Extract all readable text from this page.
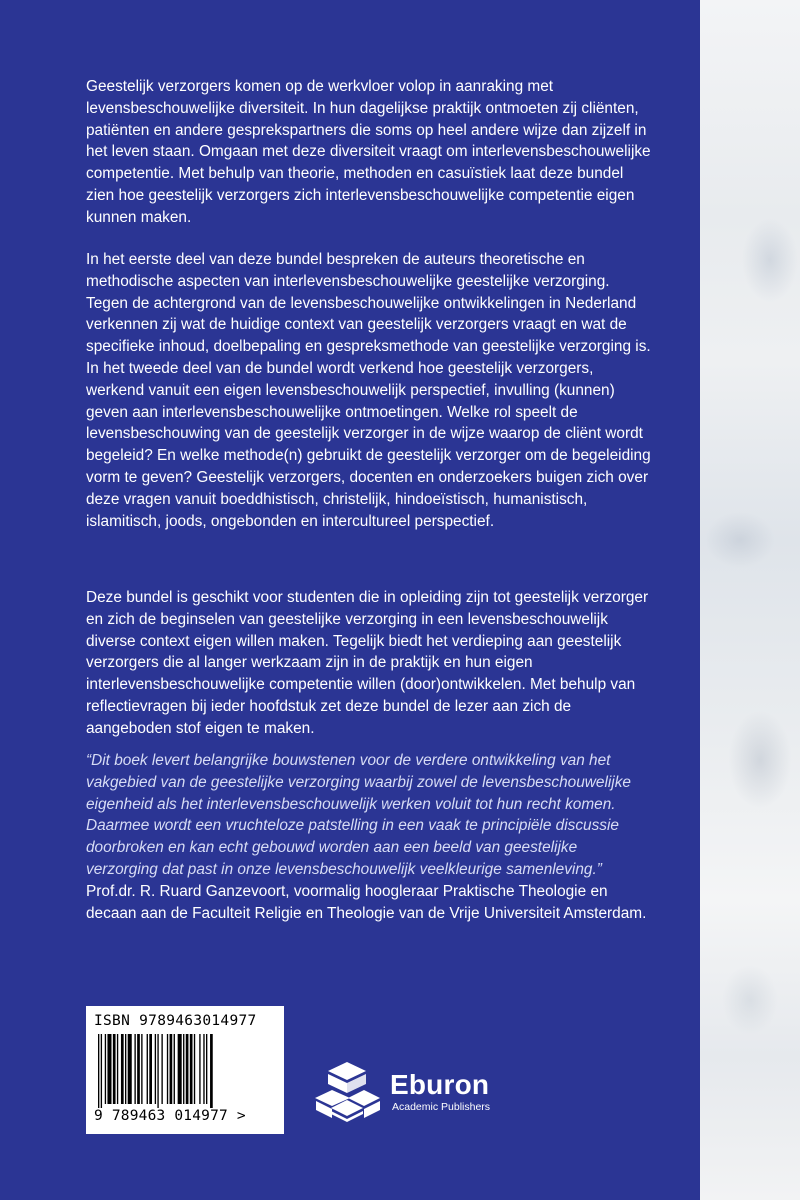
Geestelijk verzorgers komen op de werkvloer volop in aanraking met levensbeschouwelijke diversiteit. In hun dagelijkse praktijk ontmoeten zij cliënten, patiënten en andere gesprekspartners die soms op heel andere wijze dan zijzelf in het leven staan. Omgaan met deze diversiteit vraagt om interlevensbeschouwelijke competentie. Met behulp van theorie, methoden en casuïstiek laat deze bundel zien hoe geestelijk verzorgers zich interlevensbeschouwelijke competentie eigen kunnen maken.

In het eerste deel van deze bundel bespreken de auteurs theoretische en methodische aspecten van interlevensbeschouwelijke geestelijke verzorging. Tegen de achtergrond van de levensbeschouwelijke ontwikkelingen in Nederland verkennen zij wat de huidige context van geestelijk verzorgers vraagt en wat de specifieke inhoud, doelbepaling en gespreksmethode van geestelijke verzorging is. In het tweede deel van de bundel wordt verkend hoe geestelijk verzorgers, werkend vanuit een eigen levensbeschouwelijk perspectief, invulling (kunnen) geven aan interlevensbeschouwelijke ontmoetingen. Welke rol speelt de levensbeschouwing van de geestelijk verzorger in de wijze waarop de cliënt wordt begeleid? En welke methode(n) gebruikt de geestelijk verzorger om de begeleiding vorm te geven? Geestelijk verzorgers, docenten en onderzoekers buigen zich over deze vragen vanuit boeddhistisch, christelijk, hindoeïstisch, humanistisch, islamitisch, joods, ongebonden en intercultureel perspectief.

Deze bundel is geschikt voor studenten die in opleiding zijn tot geestelijk verzorger en zich de beginselen van geestelijke verzorging in een levensbeschouwelijk diverse context eigen willen maken. Tegelijk biedt het verdieping aan geestelijk verzorgers die al langer werkzaam zijn in de praktijk en hun eigen interlevensbeschouwelijke competentie willen (door)ontwikkelen. Met behulp van reflectievragen bij ieder hoofdstuk zet deze bundel de lezer aan zich de aangeboden stof eigen te maken.

“Dit boek levert belangrijke bouwstenen voor de verdere ontwikkeling van het vakgebied van de geestelijke verzorging waarbij zowel de levensbeschouwelijke eigenheid als het interlevensbeschouwelijk werken voluit tot hun recht komen. Daarmee wordt een vruchteloze patstelling in een vaak te principiële discussie doorbroken en kan echt gebouwd worden aan een beeld van geestelijke verzorging dat past in onze levensbeschouwelijk veelkleurige samenleving.” Prof.dr. R. Ruard Ganzevoort, voormalig hoogleraar Praktische Theologie en decaan aan de Faculteit Religie en Theologie van de Vrije Universiteit Amsterdam.

ISBN 9789463014977
9 789463 014977 >
Eburon
Academic Publishers
